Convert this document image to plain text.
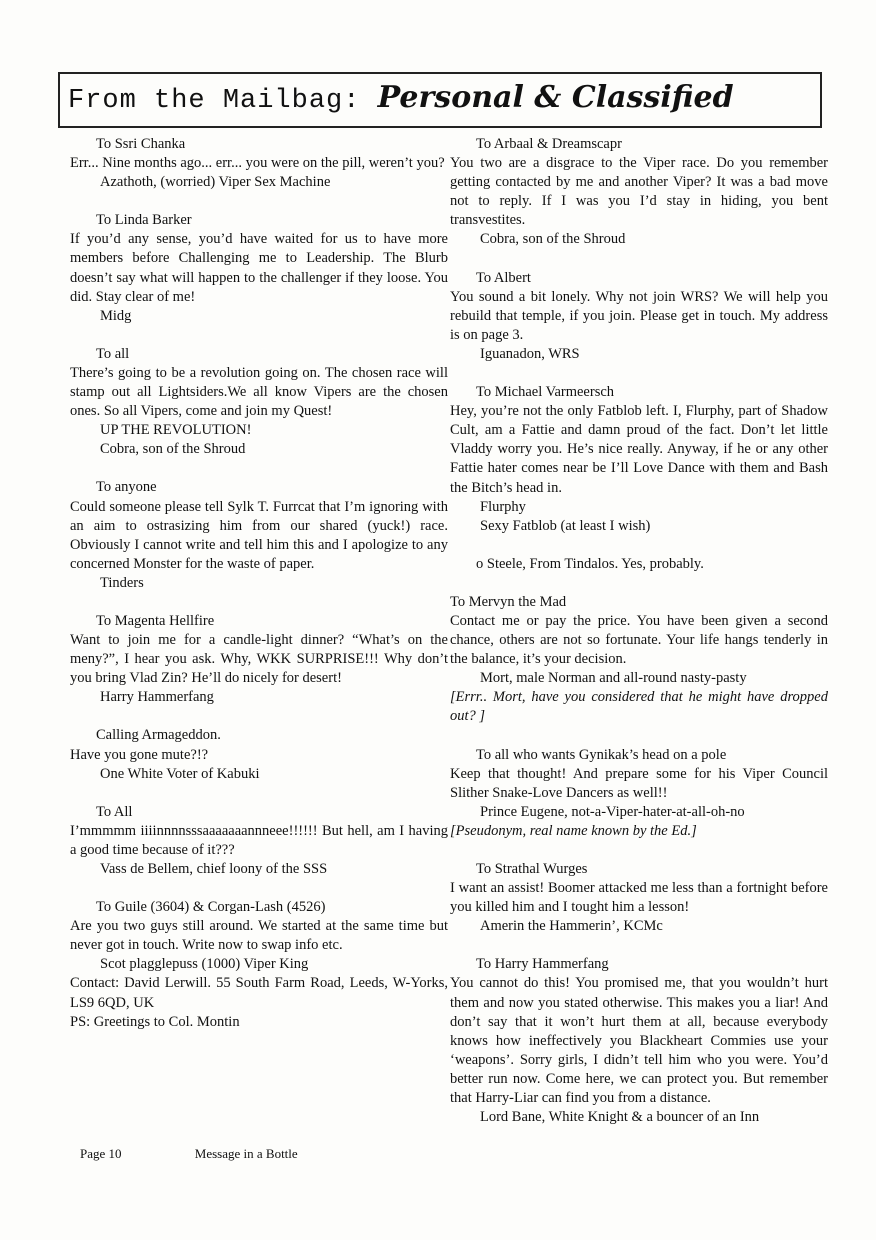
From the Mailbag: Personal & Classified
To Ssri Chanka

Err... Nine months ago... err... you were on the pill, weren’t you?

Azathoth, (worried) Viper Sex Machine
To Linda Barker

If you’d any sense, you’d have waited for us to have more members before Challenging me to Leadership. The Blurb doesn’t say what will happen to the challenger if they loose. You did. Stay clear of me!

Midg
To all

There’s going to be a revolution going on. The chosen race will stamp out all Lightsiders.We all know Vipers are the chosen ones. So all Vipers, come and join my Quest!

UP THE REVOLUTION!
Cobra, son of the Shroud
To anyone

Could someone please tell Sylk T. Furrcat that I’m ignoring with an aim to ostrasizing him from our shared (yuck!) race. Obviously I cannot write and tell him this and I apologize to any concerned Monster for the waste of paper.

Tinders
To Magenta Hellfire

Want to join me for a candle-light dinner? “What’s on the meny?”, I hear you ask. Why, WKK SURPRISE!!! Why don’t you bring Vlad Zin? He’ll do nicely for desert!

Harry Hammerfang
Calling Armageddon.

Have you gone mute?!?

One White Voter of Kabuki
To All

I’mmmmm iiiinnnnsssaaaaaaannneee!!!!!! But hell, am I having a good time because of it???

Vass de Bellem, chief loony of the SSS
To Guile (3604) & Corgan-Lash (4526)

Are you two guys still around. We started at the same time but never got in touch. Write now to swap info etc.

Scot plagglepuss (1000) Viper King

Contact: David Lerwill. 55 South Farm Road, Leeds, W-Yorks, LS9 6QD, UK

PS: Greetings to Col. Montin

To Arbaal & Dreamscapr

You two are a disgrace to the Viper race. Do you remember getting contacted by me and another Viper? It was a bad move not to reply. If I was you I’d stay in hiding, you bent transvestites.

Cobra, son of the Shroud
To Albert

You sound a bit lonely. Why not join WRS? We will help you rebuild that temple, if you join. Please get in touch. My address is on page 3.

Iguanadon, WRS
To Michael Varmeersch

Hey, you’re not the only Fatblob left. I, Flurphy, part of Shadow Cult, am a Fattie and damn proud of the fact. Don’t let little Vladdy worry you. He’s nice really. Anyway, if he or any other Fattie hater comes near be I’ll Love Dance with them and Bash the Bitch’s head in.

Flurphy
Sexy Fatblob (at least I wish)
o Steele, From Tindalos. Yes, probably.

To Mervyn the Mad

Contact me or pay the price. You have been given a second chance, others are not so fortunate. Your life hangs tenderly in the balance, it’s your decision.

Mort, male Norman and all-round nasty-pasty

[Errr.. Mort, have you considered that he might have dropped out? ]

To all who wants Gynikak’s head on a pole

Keep that thought! And prepare some for his Viper Council Slither Snake-Love Dancers as well!!

Prince Eugene, not-a-Viper-hater-at-all-oh-no

[Pseudonym, real name known by the Ed.]

To Strathal Wurges

I want an assist! Boomer attacked me less than a fortnight before you killed him and I tought him a lesson!

Amerin the Hammerin’, KCMc
To Harry Hammerfang

You cannot do this! You promised me, that you wouldn’t hurt them and now you stated otherwise. This makes you a liar! And don’t say that it won’t hurt them at all, because everybody knows how ineffectively you Blackheart Commies use your ‘weapons’. Sorry girls, I didn’t tell him who you were. You’d better run now. Come here, we can protect you. But remember that Harry-Liar can find you from a distance.

Lord Bane, White Knight & a bouncer of an Inn
Page 10	Message in a Bottle
